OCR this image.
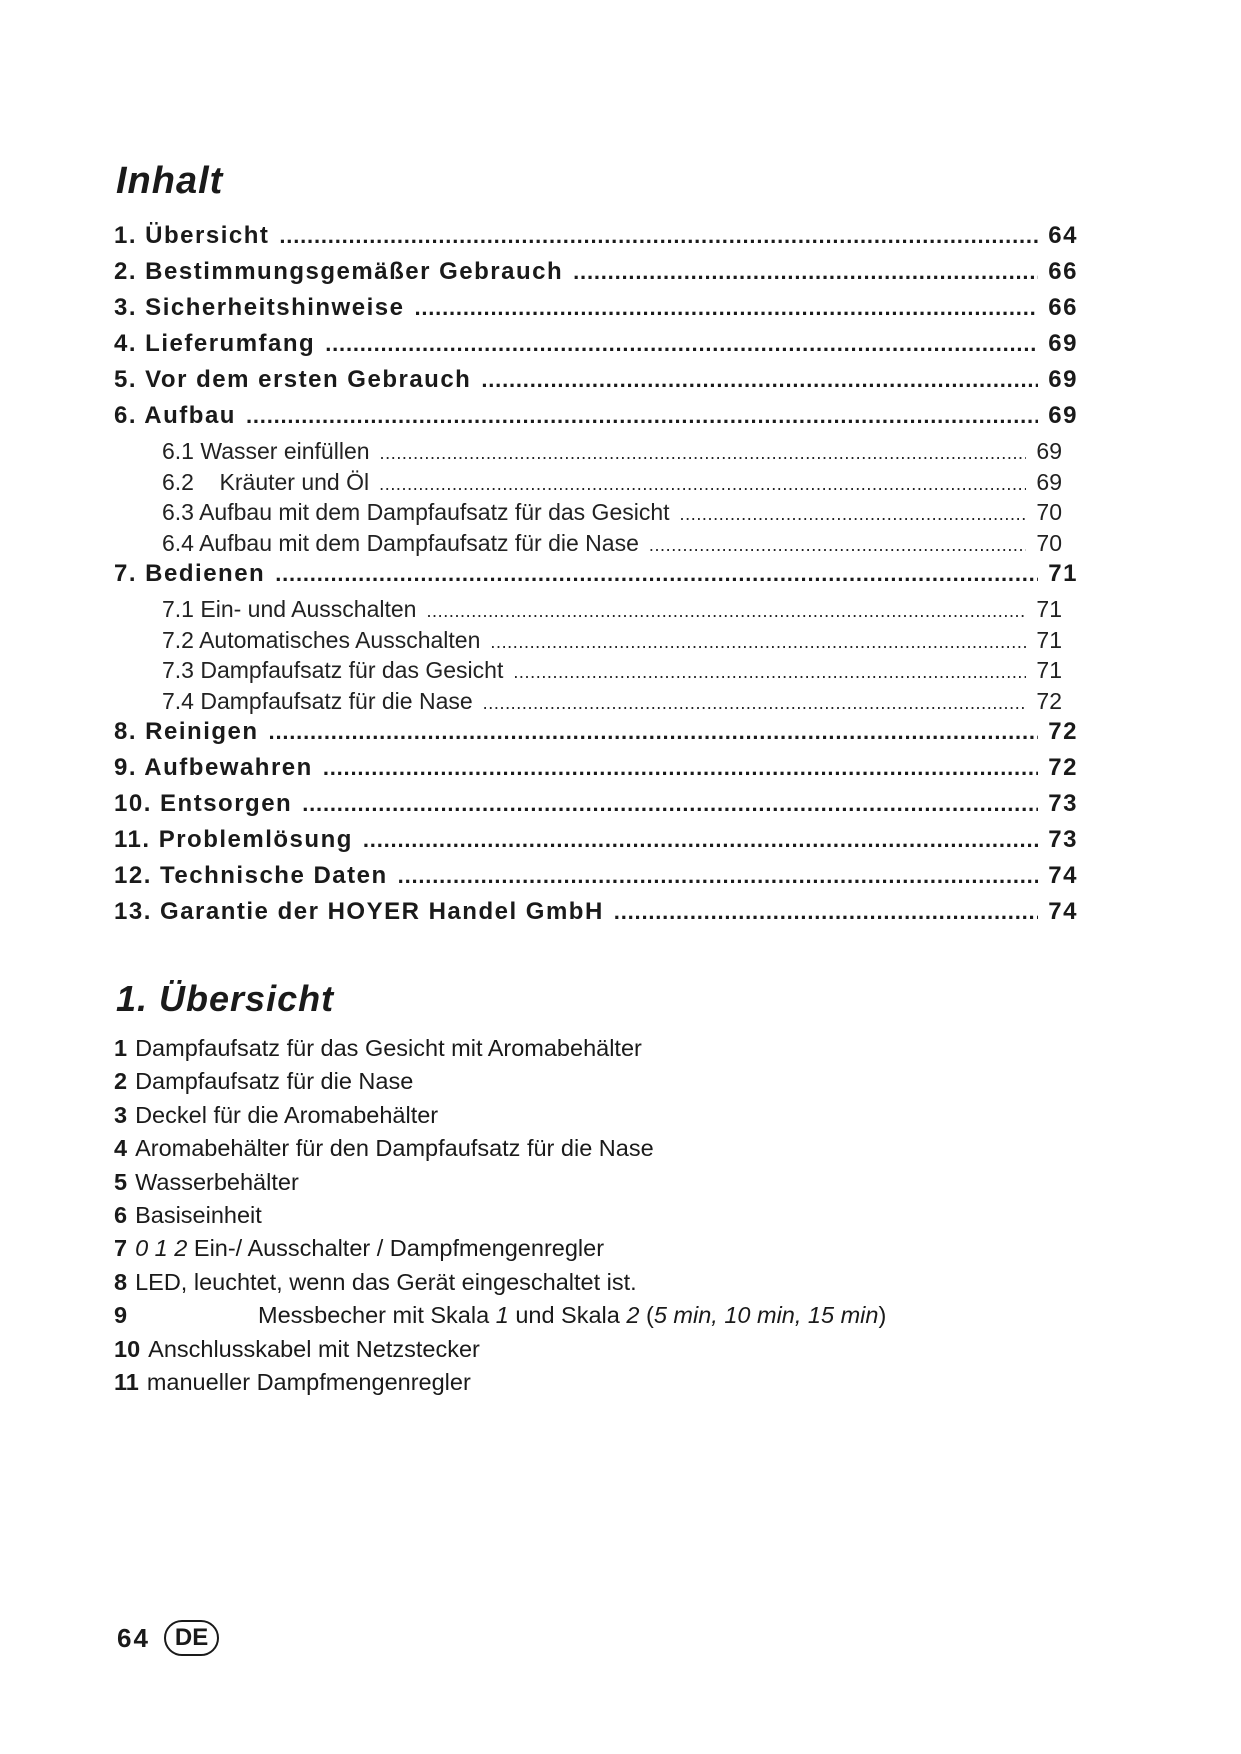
Inhalt
1. Übersicht .....	64
2. Bestimmungsgemäßer Gebrauch .....	66
3. Sicherheitshinweise .....	66
4. Lieferumfang .....	69
5. Vor dem ersten Gebrauch .....	69
6. Aufbau .....	69
6.1 Wasser einfüllen .....	69
6.2    Kräuter und Öl .....	69
6.3 Aufbau mit dem Dampfaufsatz für das Gesicht .....	70
6.4 Aufbau mit dem Dampfaufsatz für die Nase .....	70
7. Bedienen .....	71
7.1 Ein- und Ausschalten .....	71
7.2 Automatisches Ausschalten .....	71
7.3 Dampfaufsatz für das Gesicht .....	71
7.4 Dampfaufsatz für die Nase .....	72
8. Reinigen .....	72
9. Aufbewahren .....	72
10. Entsorgen .....	73
11. Problemlösung .....	73
12. Technische Daten .....	74
13. Garantie der HOYER Handel GmbH .....	74
1. Übersicht
1 Dampfaufsatz für das Gesicht mit Aromabehälter
2 Dampfaufsatz für die Nase
3 Deckel für die Aromabehälter
4 Aromabehälter für den Dampfaufsatz für die Nase
5 Wasserbehälter
6 Basiseinheit
7 0 1 2 Ein-/ Ausschalter / Dampfmengenregler
8 LED, leuchtet, wenn das Gerät eingeschaltet ist.
9	Messbecher mit Skala 1 und Skala 2 (5 min, 10 min, 15 min)
10 Anschlusskabel mit Netzstecker
11 manueller Dampfmengenregler
64	DE
